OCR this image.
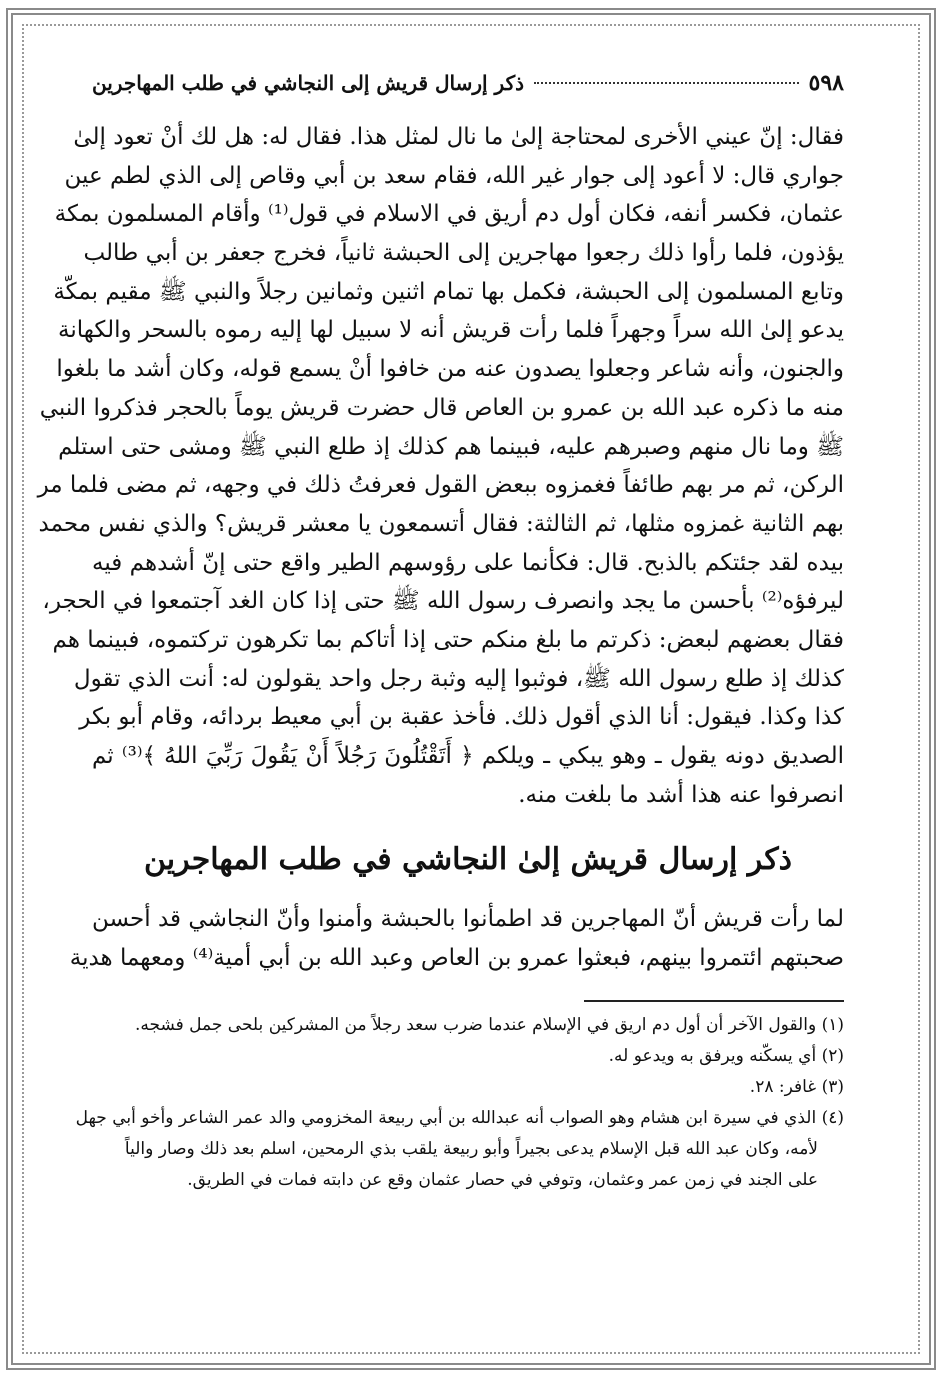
٥٩٨
ذكر إرسال قريش إلى النجاشي في طلب المهاجرين
فقال: إنّ عيني الأخرى لمحتاجة إلىٰ ما نال لمثل هذا. فقال له: هل لك أنْ تعود إلىٰ
جواري قال: لا أعود إلى جوار غير الله، فقام سعد بن أبي وقاص إلى الذي لطم عين
عثمان، فكسر أنفه، فكان أول دم أريق في الاسلام في قول⁽¹⁾ وأقام المسلمون بمكة
يؤذون، فلما رأوا ذلك رجعوا مهاجرين إلى الحبشة ثانياً، فخرج جعفر بن أبي طالب
وتابع المسلمون إلى الحبشة، فكمل بها تمام اثنين وثمانين رجلاً والنبي ﷺ مقيم بمكّة
يدعو إلىٰ الله سراً وجهراً فلما رأت قريش أنه لا سبيل لها إليه رموه بالسحر والكهانة
والجنون، وأنه شاعر وجعلوا يصدون عنه من خافوا أنْ يسمع قوله، وكان أشد ما بلغوا
منه ما ذكره عبد الله بن عمرو بن العاص قال حضرت قريش يوماً بالحجر فذكروا النبي
ﷺ وما نال منهم وصبرهم عليه، فبينما هم كذلك إذ طلع النبي ﷺ ومشى حتى استلم
الركن، ثم مر بهم طائفاً فغمزوه ببعض القول فعرفتُ ذلك في وجهه، ثم مضى فلما مر
بهم الثانية غمزوه مثلها، ثم الثالثة: فقال أتسمعون يا معشر قريش؟ والذي نفس محمد
بيده لقد جئتكم بالذبح. قال: فكأنما على رؤوسهم الطير واقع حتى إنّ أشدهم فيه
ليرفؤه⁽²⁾ بأحسن ما يجد وانصرف رسول الله ﷺ حتى إذا كان الغد آجتمعوا في الحجر،
فقال بعضهم لبعض: ذكرتم ما بلغ منكم حتى إذا أتاكم بما تكرهون تركتموه، فبينما هم
كذلك إذ طلع رسول الله ﷺ، فوثبوا إليه وثبة رجل واحد يقولون له: أنت الذي تقول
كذا وكذا. فيقول: أنا الذي أقول ذلك. فأخذ عقبة بن أبي معيط بردائه، وقام أبو بكر
الصديق دونه يقول ـ وهو يبكي ـ ويلكم ﴿ أَتَقْتُلُونَ رَجُلاً أَنْ يَقُولَ رَبِّيَ اللهُ ﴾⁽³⁾ ثم
انصرفوا عنه هذا أشد ما بلغت منه.
ذكر إرسال قريش إلىٰ النجاشي في طلب المهاجرين
لما رأت قريش أنّ المهاجرين قد اطمأنوا بالحبشة وأمنوا وأنّ النجاشي قد أحسن
صحبتهم ائتمروا بينهم، فبعثوا عمرو بن العاص وعبد الله بن أبي أمية⁽⁴⁾ ومعهما هدية
(١) والقول الآخر أن أول دم اريق في الإسلام عندما ضرب سعد رجلاً من المشركين بلحى جمل فشجه.
(٢) أي يسكّنه ويرفق به ويدعو له.
(٣) غافر: ٢٨.
(٤) الذي في سيرة ابن هشام وهو الصواب أنه عبدالله بن أبي ربيعة المخزومي والد عمر الشاعر وأخو أبي جهل
لأمه، وكان عبد الله قبل الإسلام يدعى بجيراً وأبو ربيعة يلقب بذي الرمحين، اسلم بعد ذلك وصار والياً
على الجند في زمن عمر وعثمان، وتوفي في حصار عثمان وقع عن دابته فمات في الطريق.
